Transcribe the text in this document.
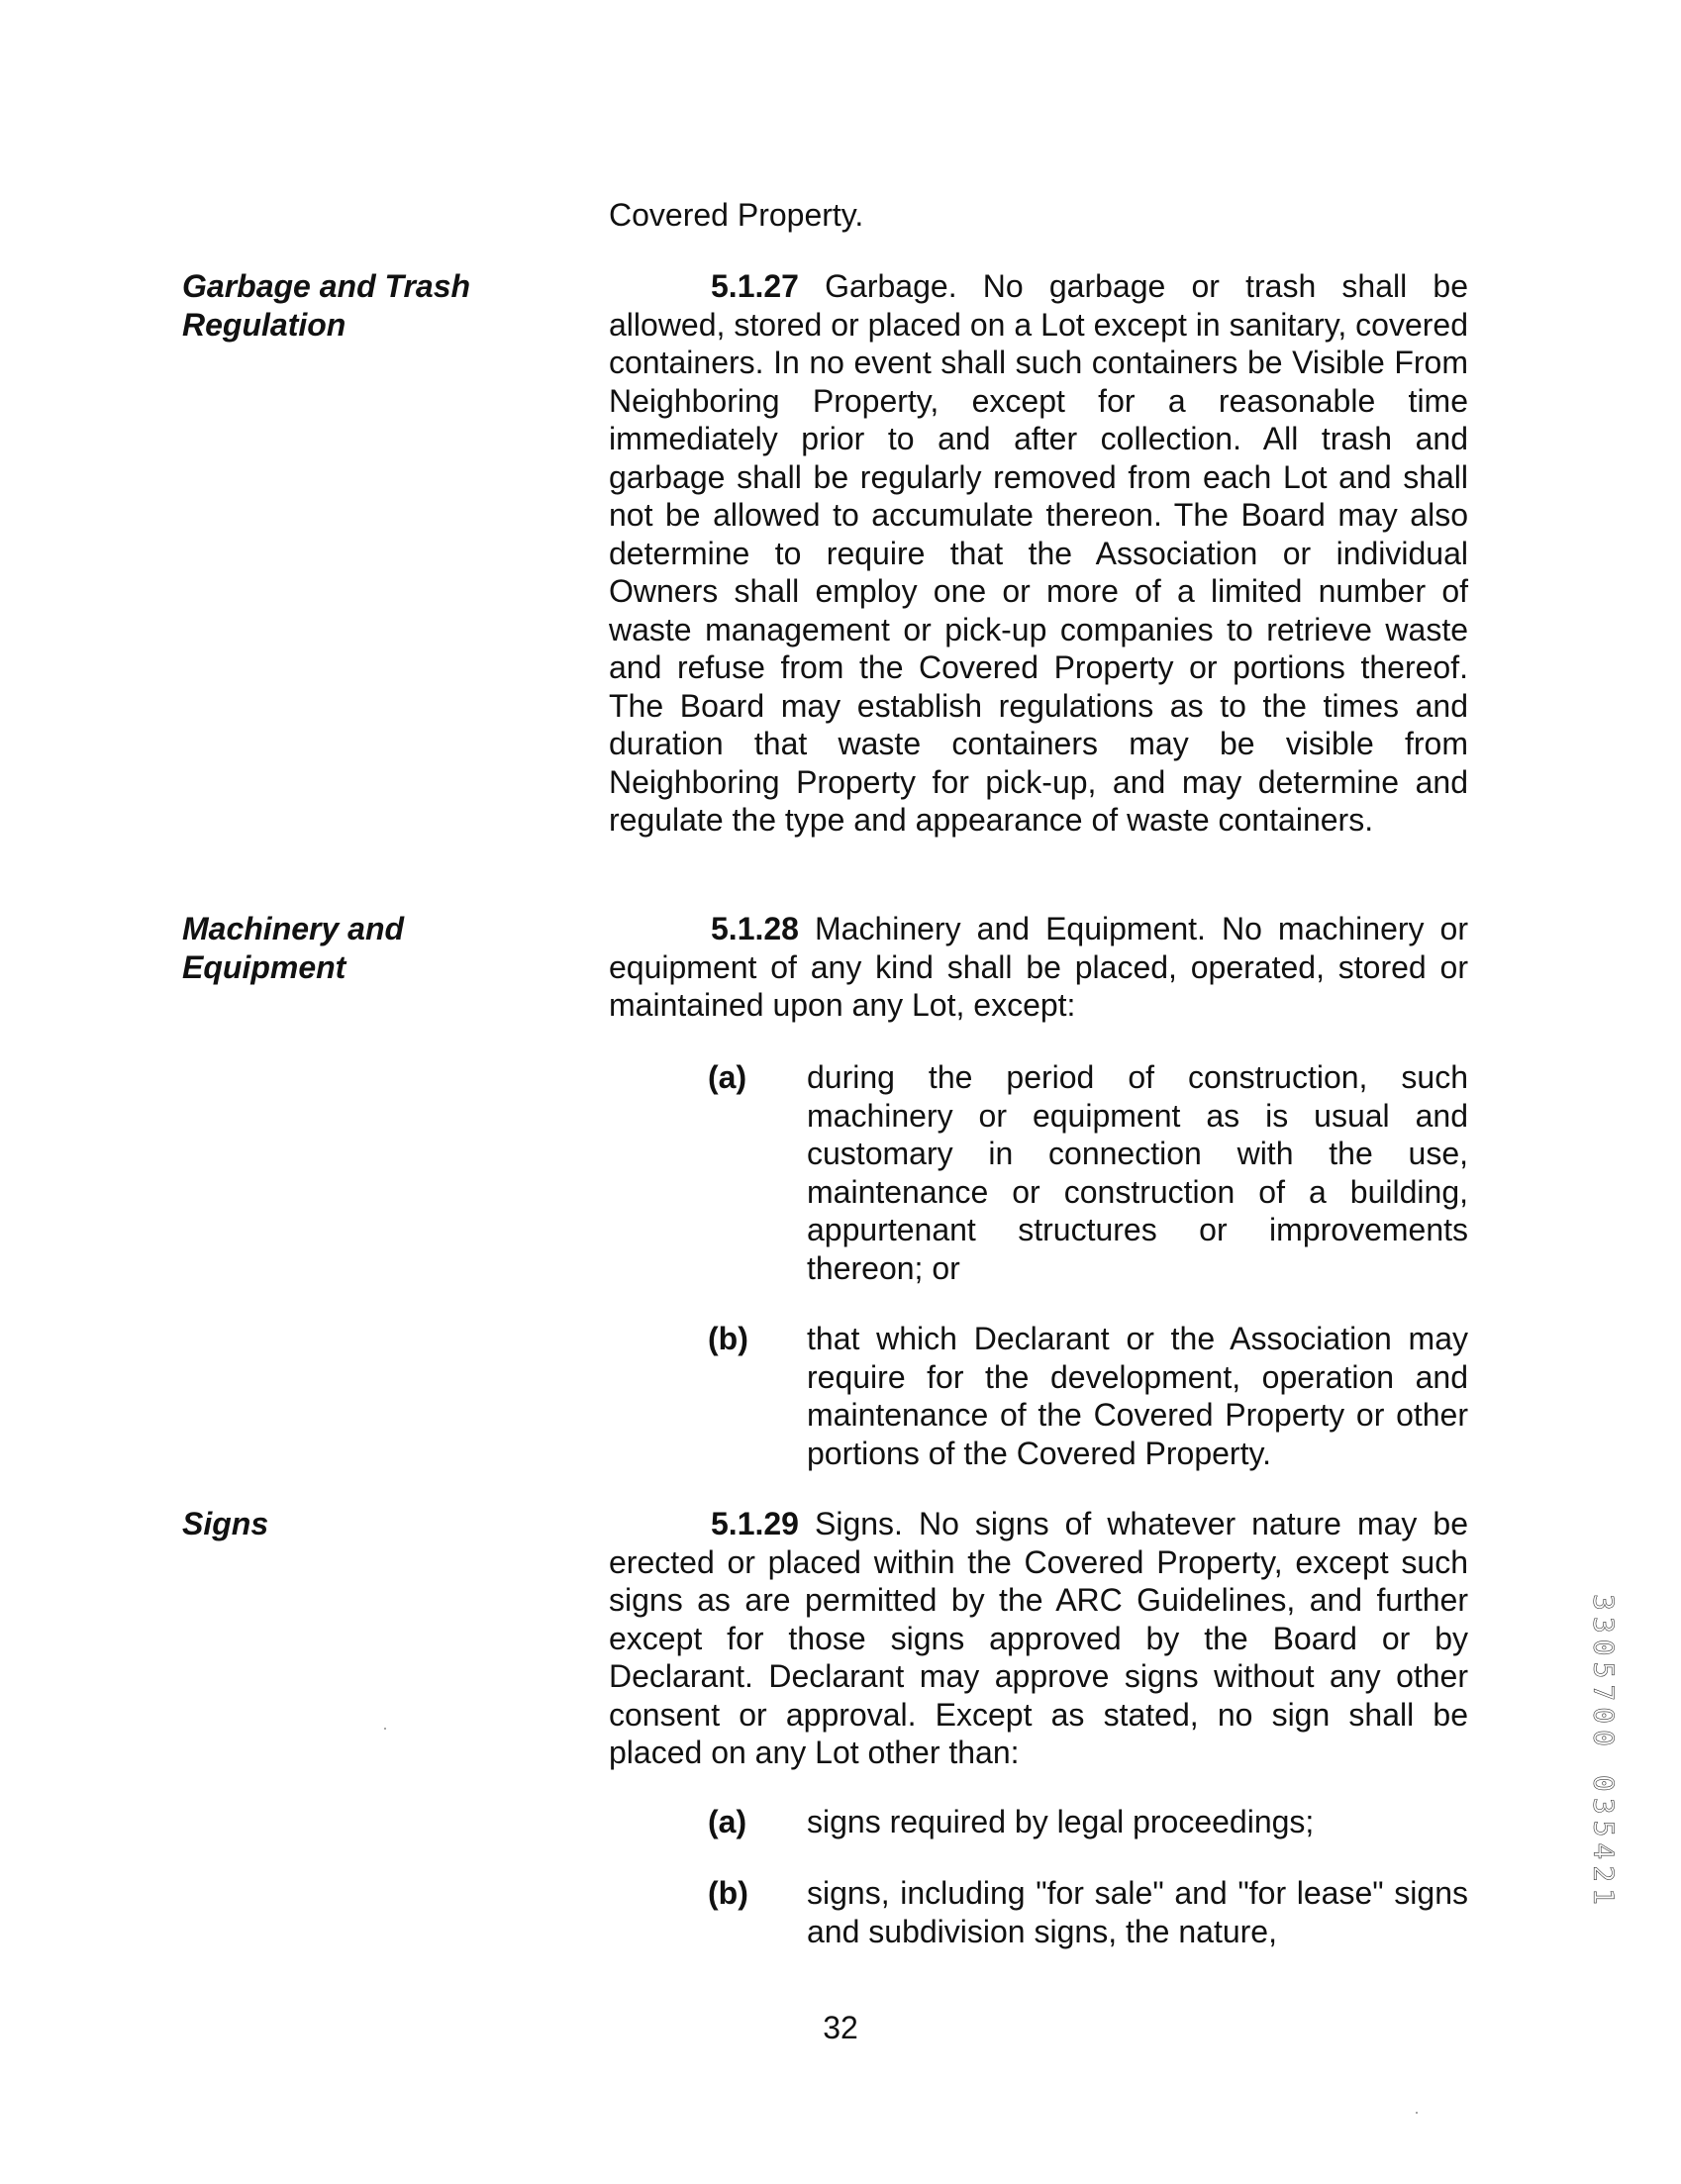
Covered Property.

Garbage and Trash
Regulation

5.1.27 Garbage. No garbage or trash shall be allowed, stored or placed on a Lot except in sanitary, covered containers. In no event shall such containers be Visible From Neighboring Property, except for a reasonable time immediately prior to and after collection. All trash and garbage shall be regularly removed from each Lot and shall not be allowed to accumulate thereon. The Board may also determine to require that the Association or individual Owners shall employ one or more of a limited number of waste management or pick-up companies to retrieve waste and refuse from the Covered Property or portions thereof. The Board may establish regulations as to the times and duration that waste containers may be visible from Neighboring Property for pick-up, and may determine and regulate the type and appearance of waste containers.

Machinery and
Equipment

5.1.28 Machinery and Equipment. No machinery or equipment of any kind shall be placed, operated, stored or maintained upon any Lot, except:

(a) during the period of construction, such machinery or equipment as is usual and customary in connection with the use, maintenance or construction of a building, appurtenant structures or improvements thereon; or
(b) that which Declarant or the Association may require for the development, operation and maintenance of the Covered Property or other portions of the Covered Property.
Signs	5.1.29 Signs. No signs of whatever nature may be erected or placed within the Covered Property, except such signs as are permitted by the ARC Guidelines, and further except for those signs approved by the Board or by Declarant. Declarant may approve signs without any other consent or approval. Except as stated, no sign shall be placed on any Lot other than:

(a) signs required by legal proceedings;
(b) signs, including "for sale" and "for lease" signs and subdivision signs, the nature,
32
3305700 035421
